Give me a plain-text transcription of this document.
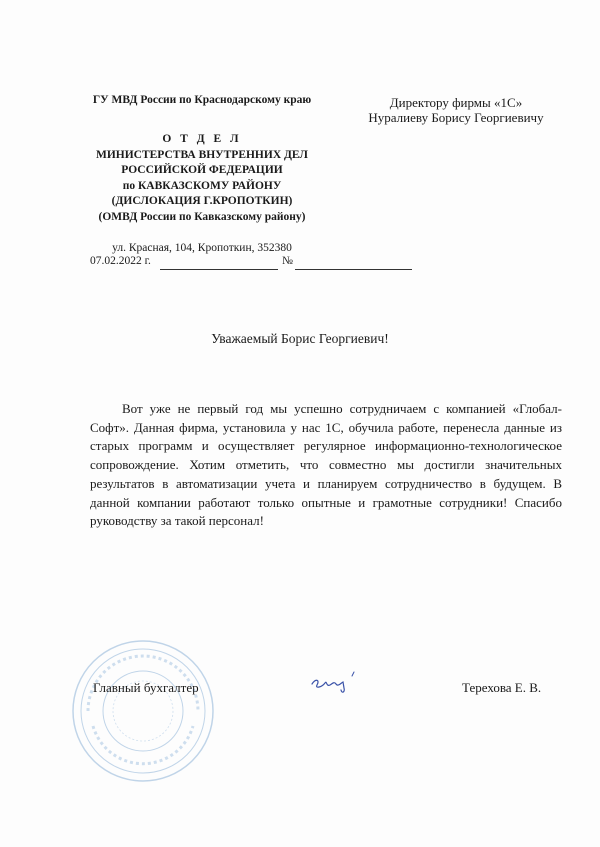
ГУ МВД России по Краснодарскому краю
О Т Д Е Л
МИНИСТЕРСТВА ВНУТРЕННИХ ДЕЛ
РОССИЙСКОЙ ФЕДЕРАЦИИ
по КАВКАЗСКОМУ РАЙОНУ
(ДИСЛОКАЦИЯ Г.КРОПОТКИН)
(ОМВД России по Кавказскому району)
ул. Красная, 104, Кропоткин, 352380
07.02.2022 г.	№
Директору фирмы «1С»
Нуралиеву Борису Георгиевичу
Уважаемый Борис Георгиевич!
Вот уже не первый год мы успешно сотрудничаем с компанией «Глобал-Софт». Данная фирма, установила у нас 1С, обучила работе, перенесла данные из старых программ и осуществляет регулярное информационно-технологическое сопровождение. Хотим отметить, что совместно мы достигли значительных результатов в автоматизации учета и планируем сотрудничество в будущем. В данной компании работают только опытные и грамотные сотрудники! Спасибо руководству за такой персонал!
Главный бухгалтер	Терехова Е. В.
